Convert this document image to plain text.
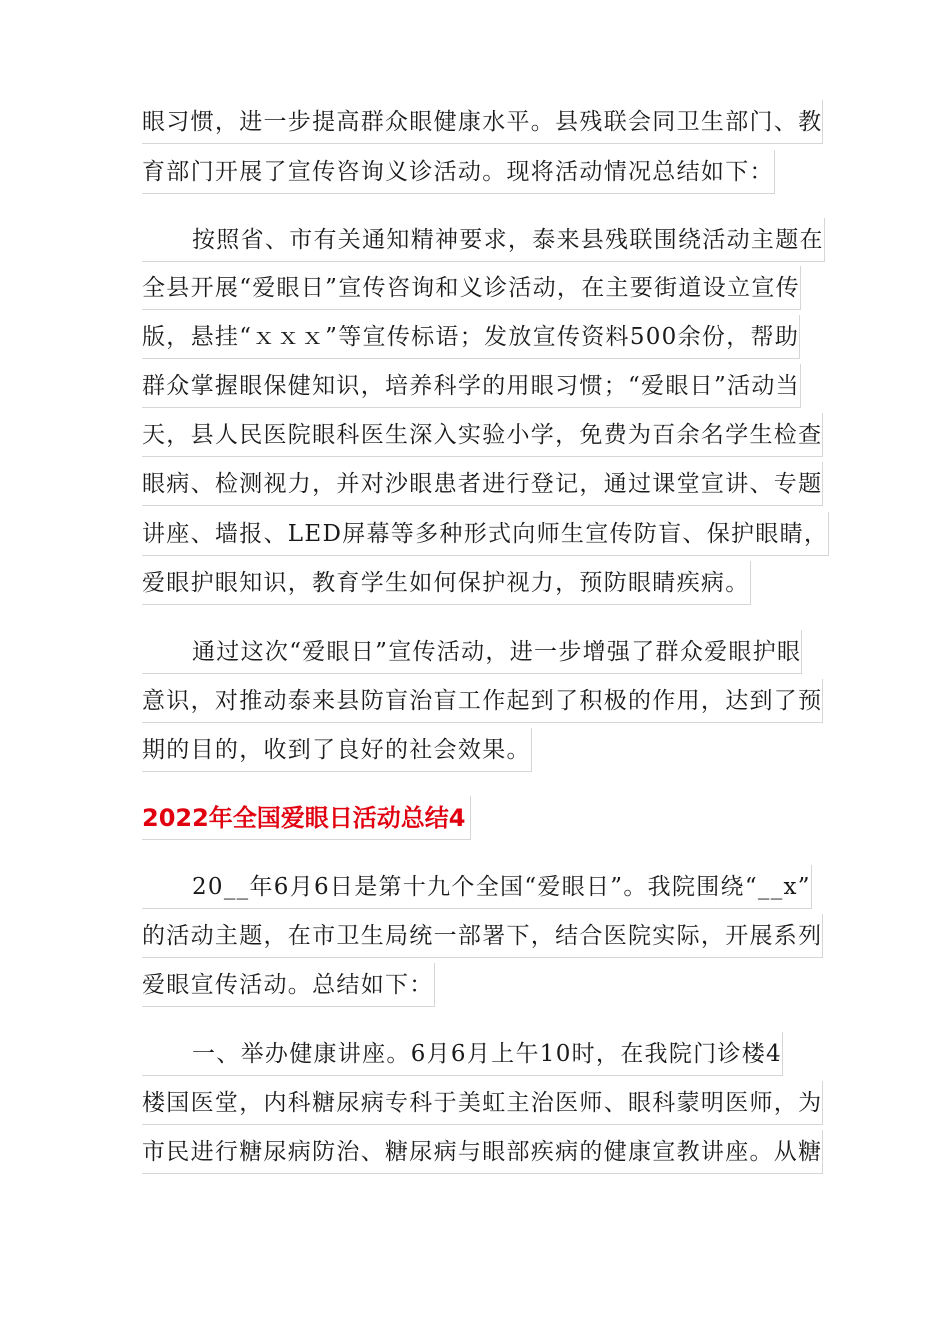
眼习惯，进一步提高群众眼健康水平。县残联会同卫生部门、教
育部门开展了宣传咨询义诊活动。现将活动情况总结如下：
按照省、市有关通知精神要求，泰来县残联围绕活动主题在
全县开展“爱眼日”宣传咨询和义诊活动，在主要街道设立宣传
版，悬挂“ｘｘｘ”等宣传标语；发放宣传资料500余份，帮助
群众掌握眼保健知识，培养科学的用眼习惯；“爱眼日”活动当
天，县人民医院眼科医生深入实验小学，免费为百余名学生检查
眼病、检测视力，并对沙眼患者进行登记，通过课堂宣讲、专题
讲座、墙报、LED屏幕等多种形式向师生宣传防盲、保护眼睛，
爱眼护眼知识，教育学生如何保护视力，预防眼睛疾病。
通过这次“爱眼日”宣传活动，进一步增强了群众爱眼护眼
意识，对推动泰来县防盲治盲工作起到了积极的作用，达到了预
期的目的，收到了良好的社会效果。
2022年全国爱眼日活动总结4
20__年6月6日是第十九个全国“爱眼日”。我院围绕“__x”
的活动主题，在市卫生局统一部署下，结合医院实际，开展系列
爱眼宣传活动。总结如下：
一、举办健康讲座。6月6月上午10时，在我院门诊楼4
楼国医堂，内科糖尿病专科于美虹主治医师、眼科蒙明医师，为
市民进行糖尿病防治、糖尿病与眼部疾病的健康宣教讲座。从糖
